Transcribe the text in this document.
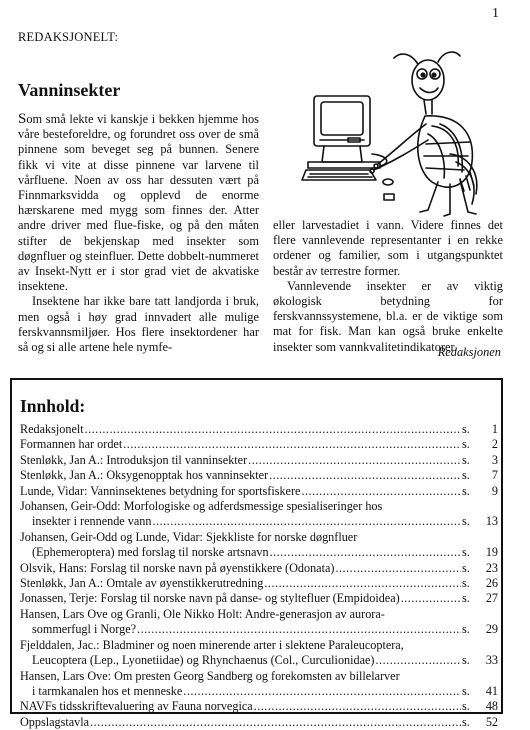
1
REDAKSJONELT:
Vanninsekter

Som små lekte vi kanskje i bekken hjemme hos våre besteforeldre, og forundret oss over de små pinnene som beveget seg på bunnen. Senere fikk vi vite at disse pinnene var larvene til vårfluene. Noen av oss har dessuten vært på Finnmarksvidda og opplevd de enorme hærskarene med mygg som finnes der. Atter andre driver med flue-fiske, og på den måten stifter de bekjenskap med insekter som døgnfluer og steinfluer. Dette dobbelt-nummeret av Insekt-Nytt er i stor grad viet de akvatiske insektene.

Insektene har ikke bare tatt landjorda i bruk, men også i høy grad innvadert alle mulige ferskvannsmiljøer. Hos flere insektordener har så og si alle artene hele nymfe-

eller larvestadiet i vann. Videre finnes det flere vannlevende representanter i en rekke ordener og familier, som i utgangspunktet består av terrestre former.

Vannlevende insekter er av viktig økologisk betydning for ferskvannssystemene, bl.a. er de viktige som mat for fisk. Man kan også bruke enkelte insekter som vannkvalitetindikatorer.

Redaksjonen
Innhold:
Redaksjonelt .....	s.	1
Formannen har ordet .....	s.	2
Stenløkk, Jan A.: Introduksjon til vanninsekter .....	s.	3
Stenløkk, Jan A.: Oksygenopptak hos vanninsekter .....	s.	7
Lunde, Vidar: Vanninsektenes betydning for sportsfiskere .....	s.	9
Johansen, Geir-Odd: Morfologiske og adferdsmessige spesialiseringer hos
insekter i rennende vann .....	s.	13
Johansen, Geir-Odd og Lunde, Vidar: Sjekkliste for norske døgnfluer
(Ephemeroptera) med forslag til norske artsnavn .....	s.	19
Olsvik, Hans: Forslag til norske navn på øyenstikkere (Odonata) .....	s.	23
Stenløkk, Jan A.: Omtale av øyenstikkerutredning .....	s.	26
Jonassen, Terje: Forslag til norske navn på danse- og styltefluer (Empidoidea) .....	s.	27
Hansen, Lars Ove og Granli, Ole Nikko Holt: Andre-generasjon av aurora-
sommerfugl i Norge? .....	s.	29
Fjelddalen, Jac.: Bladminer og noen minerende arter i slektene Paraleucoptera,
Leucoptera (Lep., Lyonetiidae) og Rhynchaenus (Col., Curculionidae) .....	s.	33
Hansen, Lars Ove: Om presten Georg Sandberg og forekomsten av billelarver
i tarmkanalen hos et menneske .....	s.	41
NAVFs tidsskriftevaluering av Fauna norvegica .....	s.	48
Oppslagstavla .....	s.	52
